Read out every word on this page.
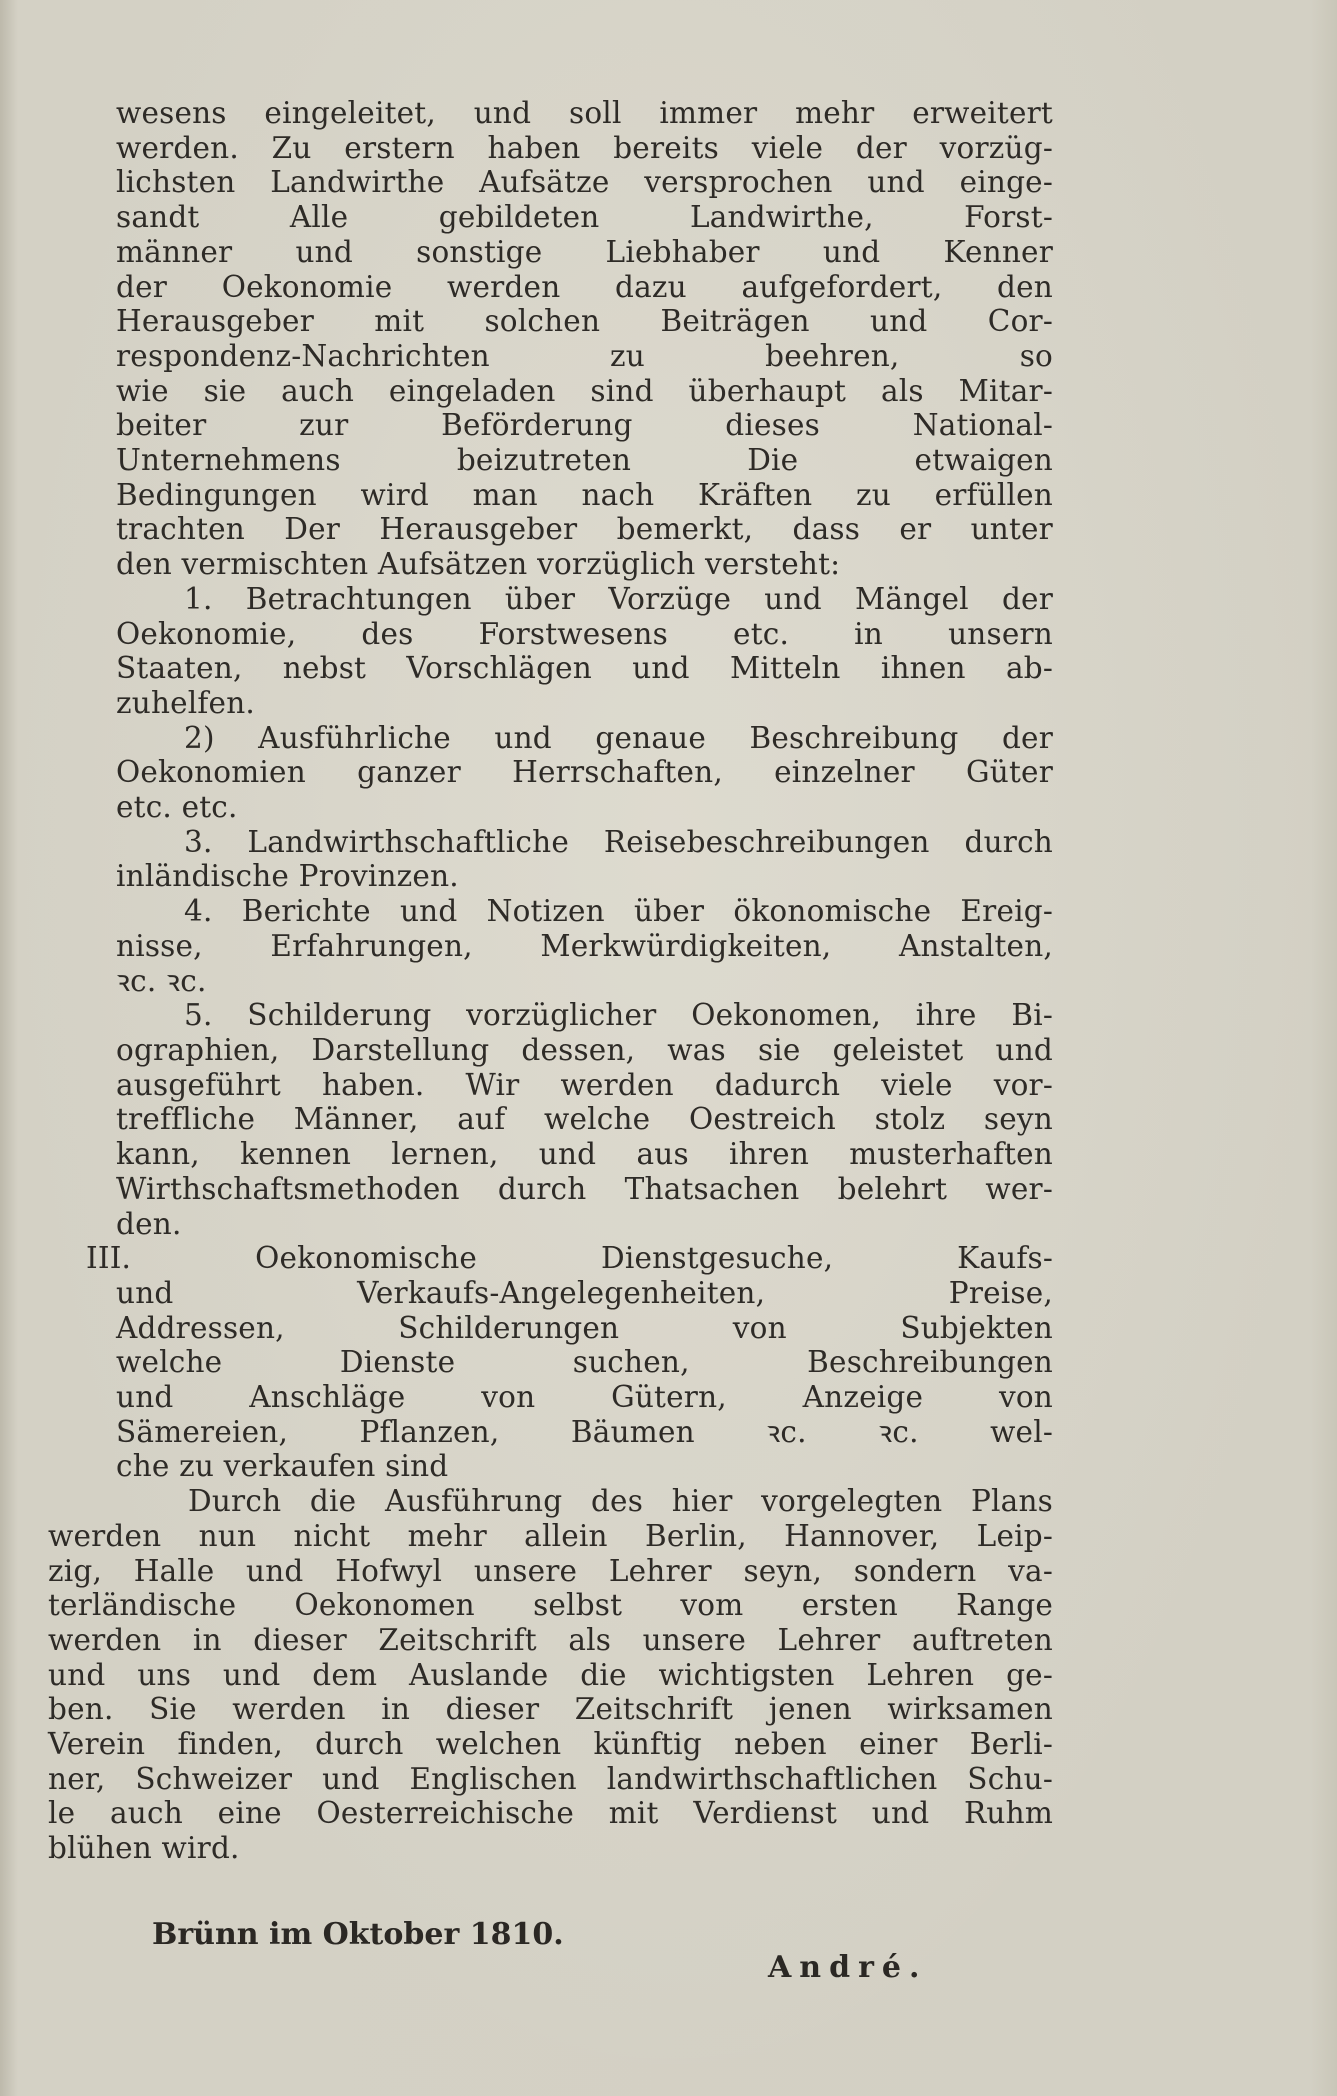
wesens eingeleitet, und soll immer mehr erweitert

werden. Zu erstern haben bereits viele der vorzüg-

lichsten Landwirthe Aufsätze versprochen und einge-

sandt Alle gebildeten Landwirthe, Forst-

männer und sonstige Liebhaber und Kenner

der Oekonomie werden dazu aufgefordert, den

Herausgeber mit solchen Beiträgen und Cor-

respondenz-Nachrichten zu beehren, so

wie sie auch eingeladen sind überhaupt als Mitar-

beiter zur Beförderung dieses National-

Unternehmens beizutreten Die etwaigen

Bedingungen wird man nach Kräften zu erfüllen

trachten Der Herausgeber bemerkt, dass er unter

den vermischten Aufsätzen vorzüglich versteht:

1. Betrachtungen über Vorzüge und Mängel der

Oekonomie, des Forstwesens etc. in unsern

Staaten, nebst Vorschlägen und Mitteln ihnen ab-

zuhelfen.

2) Ausführliche und genaue Beschreibung der

Oekonomien ganzer Herrschaften, einzelner Güter

etc. etc.

3. Landwirthschaftliche Reisebeschreibungen durch

inländische Provinzen.

4. Berichte und Notizen über ökonomische Ereig-

nisse, Erfahrungen, Merkwürdigkeiten, Anstalten,

ꝛc. ꝛc.

5. Schilderung vorzüglicher Oekonomen, ihre Bi-

ographien, Darstellung dessen, was sie geleistet und

ausgeführt haben. Wir werden dadurch viele vor-

treffliche Männer, auf welche Oestreich stolz seyn

kann, kennen lernen, und aus ihren musterhaften

Wirthschaftsmethoden durch Thatsachen belehrt wer-

den.

III. Oekonomische Dienstgesuche, Kaufs-

und Verkaufs-Angelegenheiten, Preise,

Addressen, Schilderungen von Subjekten

welche Dienste suchen, Beschreibungen

und Anschläge von Gütern, Anzeige von

Sämereien, Pflanzen, Bäumen ꝛc. ꝛc. wel-

che zu verkaufen sind

Durch die Ausführung des hier vorgelegten Plans

werden nun nicht mehr allein Berlin, Hannover, Leip-

zig, Halle und Hofwyl unsere Lehrer seyn, sondern va-

terländische Oekonomen selbst vom ersten Range

werden in dieser Zeitschrift als unsere Lehrer auftreten

und uns und dem Auslande die wichtigsten Lehren ge-

ben. Sie werden in dieser Zeitschrift jenen wirksamen

Verein finden, durch welchen künftig neben einer Berli-

ner, Schweizer und Englischen landwirthschaftlichen Schu-

le auch eine Oesterreichische mit Verdienst und Ruhm

blühen wird.

Brünn im Oktober 1810.
André.
